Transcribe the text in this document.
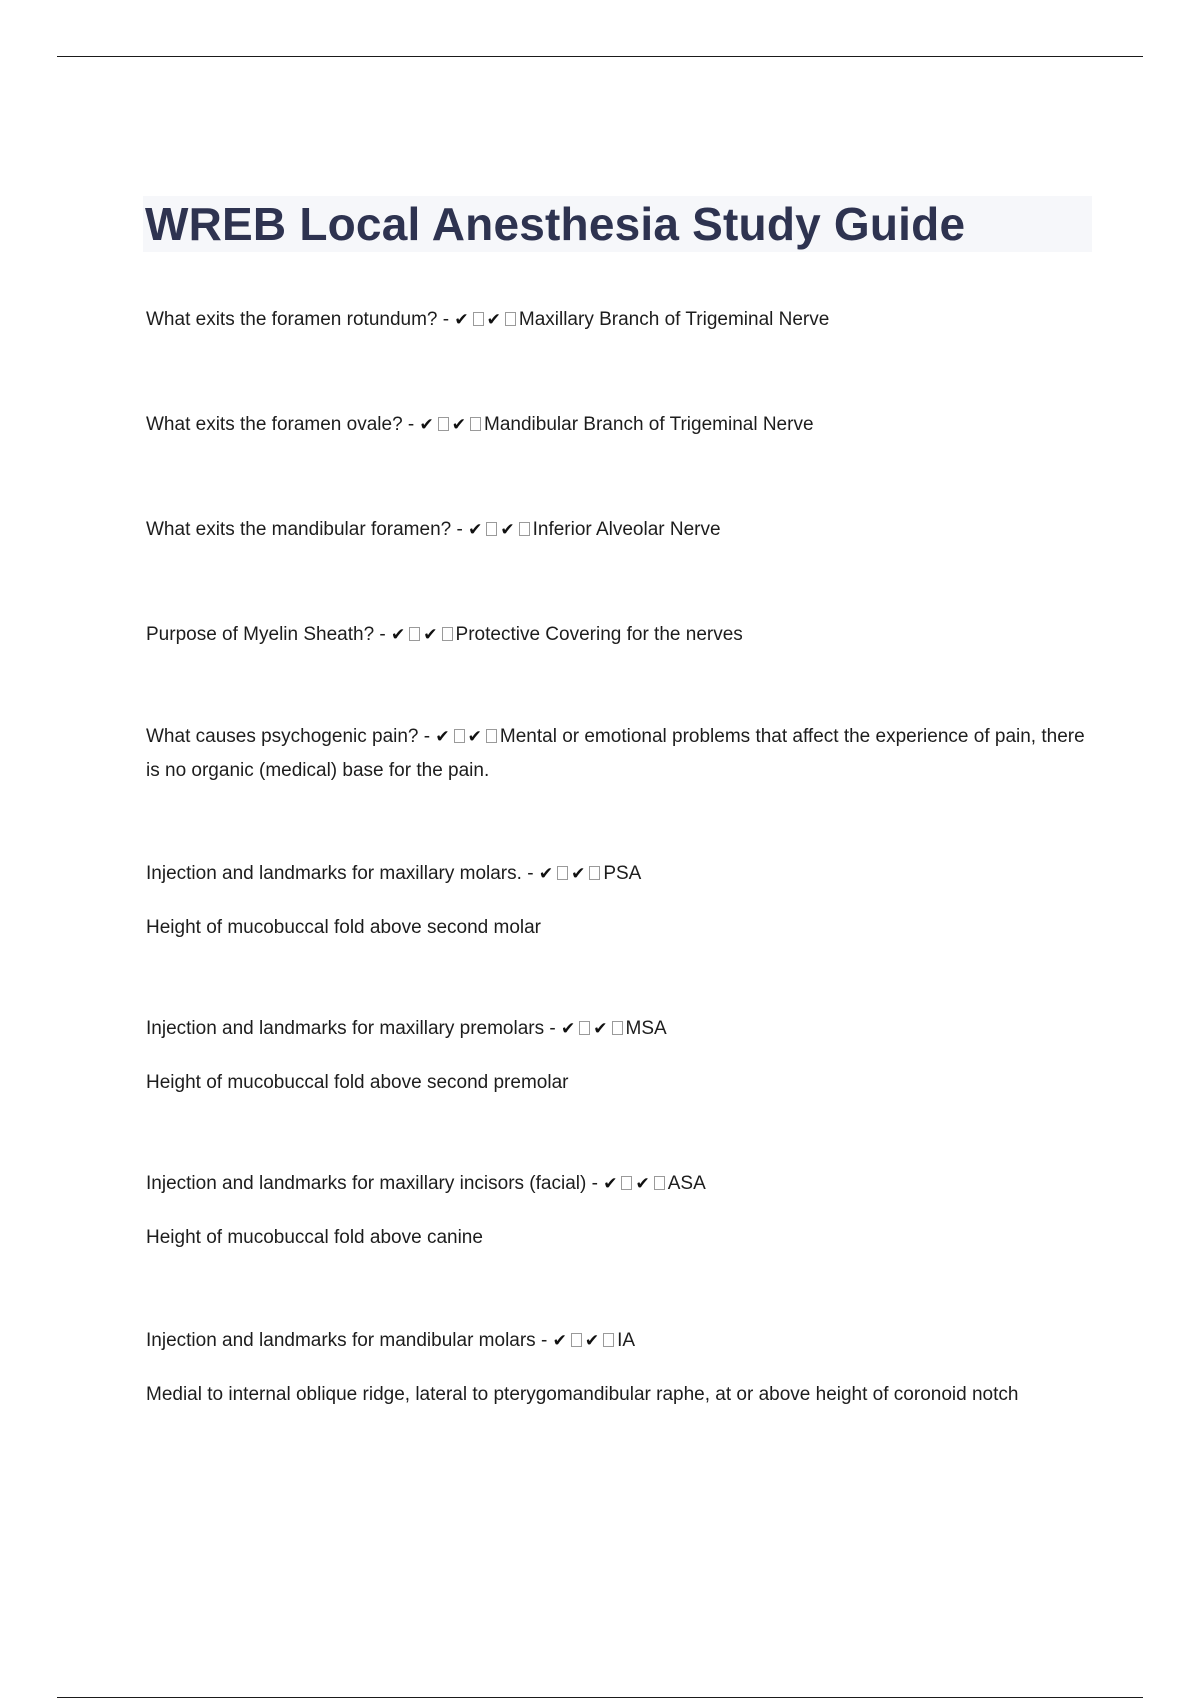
WREB Local Anesthesia Study Guide

What exits the foramen rotundum? - ✔ ✔ Maxillary Branch of Trigeminal Nerve

What exits the foramen ovale? - ✔ ✔ Mandibular Branch of Trigeminal Nerve

What exits the mandibular foramen? - ✔ ✔ Inferior Alveolar Nerve

Purpose of Myelin Sheath? - ✔ ✔ Protective Covering for the nerves

What causes psychogenic pain? - ✔ ✔ Mental or emotional problems that affect the experience of pain, there is no organic (medical) base for the pain.

Injection and landmarks for maxillary molars. - ✔ ✔ PSA

Height of mucobuccal fold above second molar

Injection and landmarks for maxillary premolars - ✔ ✔ MSA

Height of mucobuccal fold above second premolar

Injection and landmarks for maxillary incisors (facial) - ✔ ✔ ASA

Height of mucobuccal fold above canine

Injection and landmarks for mandibular molars - ✔ ✔ IA

Medial to internal oblique ridge, lateral to pterygomandibular raphe, at or above height of coronoid notch
